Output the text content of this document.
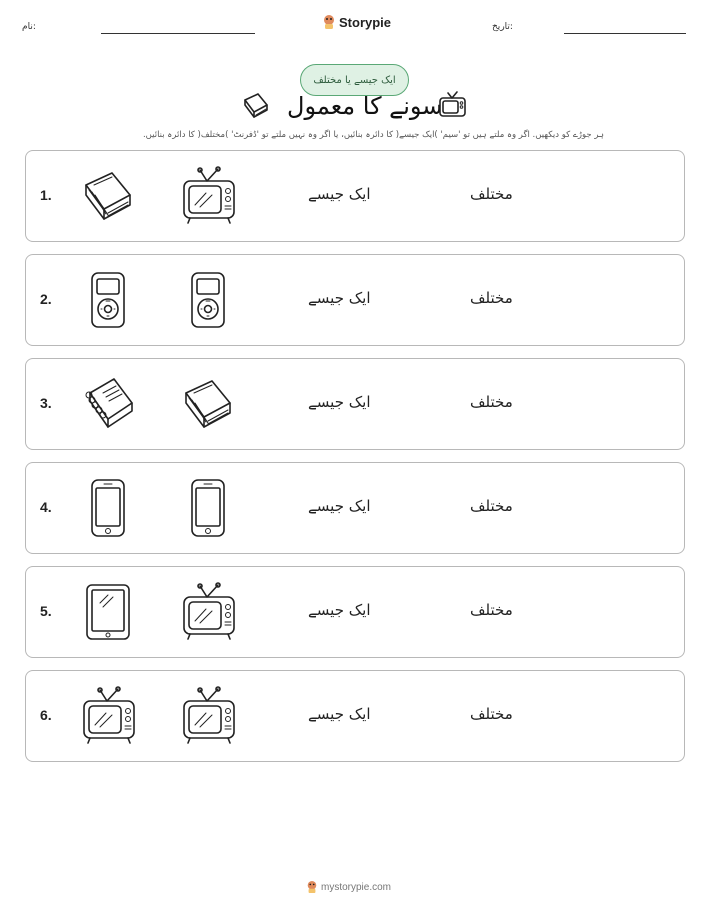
نام:	Storypie	تاریخ:
ایک جیسے یا مختلف
سونے کا معمول
ہر جوڑے کو دیکھیں. اگر وہ ملتے ہیں تو 'سیم' )ایک جیسے( کا دائرہ بنائیں، یا اگر وہ نہیں ملتے تو 'ڈفرنٹ' )مختلف( کا دائرہ بنائیں.
1.	ایک جیسے	مختلف
2.	ایک جیسے	مختلف
3.	ایک جیسے	مختلف
4.	ایک جیسے	مختلف
5.	ایک جیسے	مختلف
6.	ایک جیسے	مختلف
mystorypie.com
